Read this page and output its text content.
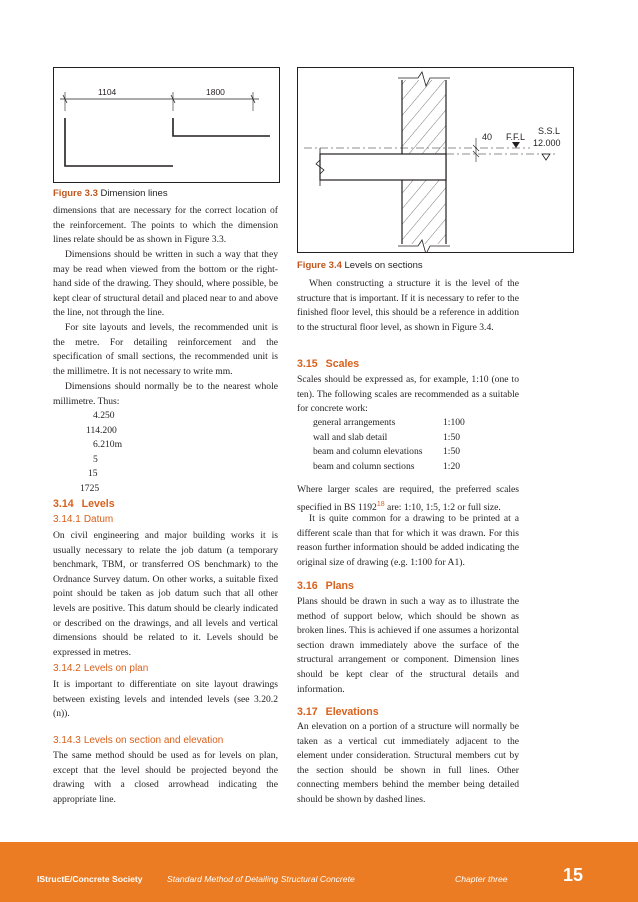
1104	1800
Figure 3.3 Dimension lines
dimensions that are necessary for the correct location of the reinforcement. The points to which the dimension lines relate should be as shown in Figure 3.3.
Dimensions should be written in such a way that they may be read when viewed from the bottom or the right-hand side of the drawing. They should, where possible, be kept clear of structural detail and placed near to and above the line, not through the line.
For site layouts and levels, the recommended unit is the metre. For detailing reinforcement and the specification of small sections, the recommended unit is the millimetre. It is not necessary to write mm.
Dimensions should normally be to the nearest whole millimetre. Thus:
4.250
114.200
6.210m
5
15
1725
3.14 Levels
3.14.1 Datum
On civil engineering and major building works it is usually necessary to relate the job datum (a temporary benchmark, TBM, or transferred OS benchmark) to the Ordnance Survey datum. On other works, a suitable fixed point should be taken as job datum such that all other levels are positive. This datum should be clearly indicated or described on the drawings, and all levels and vertical dimensions should be related to it. Levels should be expressed in metres.
3.14.2 Levels on plan
It is important to differentiate on site layout drawings between existing levels and intended levels (see 3.20.2 (n)).
3.14.3 Levels on section and elevation
The same method should be used as for levels on plan, except that the level should be projected beyond the drawing with a closed arrowhead indicating the appropriate line.
40 F.F.L
S.S.L
12.000
Figure 3.4 Levels on sections
When constructing a structure it is the level of the structure that is important. If it is necessary to refer to the finished floor level, this should be a reference in addition to the structural floor level, as shown in Figure 3.4.
3.15 Scales
Scales should be expressed as, for example, 1:10 (one to ten). The following scales are recommended as a suitable for concrete work:
general arrangements	1:100
wall and slab detail	1:50
beam and column elevations 1:50
beam and column sections	1:20
Where larger scales are required, the preferred scales specified in BS 1192$^{18}$ are: 1:10, 1:5, 1:2 or full size.
It is quite common for a drawing to be printed at a different scale than that for which it was drawn. For this reason further information should be added indicating the original size of drawing (e.g. 1:100 for A1).
3.16 Plans
Plans should be drawn in such a way as to illustrate the method of support below, which should be shown as broken lines. This is achieved if one assumes a horizontal section drawn immediately above the surface of the structural arrangement or component. Dimension lines should be kept clear of the structural details and information.
3.17 Elevations
An elevation on a portion of a structure will normally be taken as a vertical cut immediately adjacent to the element under consideration. Structural members cut by the section should be shown in full lines. Other connecting members behind the member being detailed should be shown by dashed lines.
IStructE/Concrete Society	Standard Method of Detailing Structural Concrete	Chapter three	15
